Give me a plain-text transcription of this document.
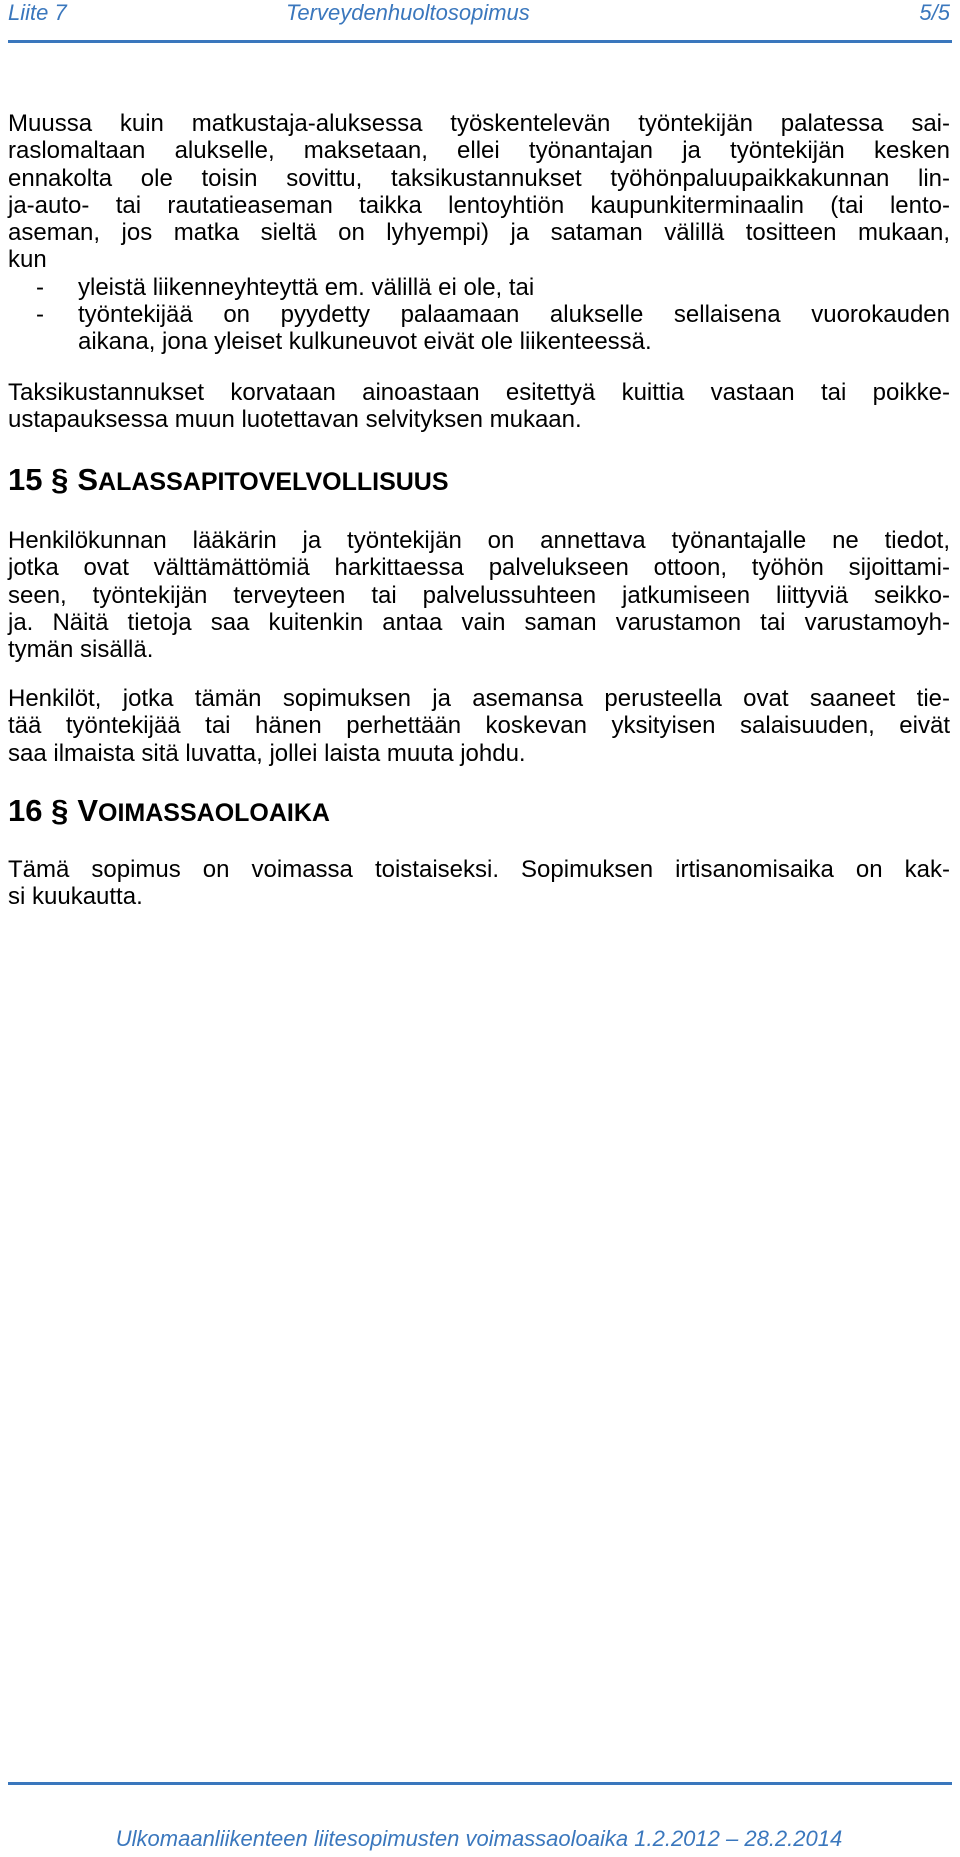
Liite 7	Terveydenhuoltosopimus	5/5
Muussa kuin matkustaja-aluksessa työskentelevän työntekijän palatessa sai-
raslomaltaan alukselle, maksetaan, ellei työnantajan ja työntekijän kesken
ennakolta ole toisin sovittu, taksikustannukset työhönpaluupaikkakunnan lin-
ja-auto- tai rautatieaseman taikka lentoyhtiön kaupunkiterminaalin (tai lento-
aseman, jos matka sieltä on lyhyempi) ja sataman välillä tositteen mukaan,
kun
- yleistä liikenneyhteyttä em. välillä ei ole, tai
- työntekijää on pyydetty palaamaan alukselle sellaisena vuorokauden
aikana, jona yleiset kulkuneuvot eivät ole liikenteessä.
Taksikustannukset korvataan ainoastaan esitettyä kuittia vastaan tai poikke-
ustapauksessa muun luotettavan selvityksen mukaan.
15 § SALASSAPITOVELVOLLISUUS
Henkilökunnan lääkärin ja työntekijän on annettava työnantajalle ne tiedot,
jotka ovat välttämättömiä harkittaessa palvelukseen ottoon, työhön sijoittami-
seen, työntekijän terveyteen tai palvelussuhteen jatkumiseen liittyviä seikko-
ja. Näitä tietoja saa kuitenkin antaa vain saman varustamon tai varustamoyh-
tymän sisällä.
Henkilöt, jotka tämän sopimuksen ja asemansa perusteella ovat saaneet tie-
tää työntekijää tai hänen perhettään koskevan yksityisen salaisuuden, eivät
saa ilmaista sitä luvatta, jollei laista muuta johdu.
16 § VOIMASSAOLOAIKA
Tämä sopimus on voimassa toistaiseksi. Sopimuksen irtisanomisaika on kak-
si kuukautta.
Ulkomaanliikenteen liitesopimusten voimassaoloaika 1.2.2012 – 28.2.2014
